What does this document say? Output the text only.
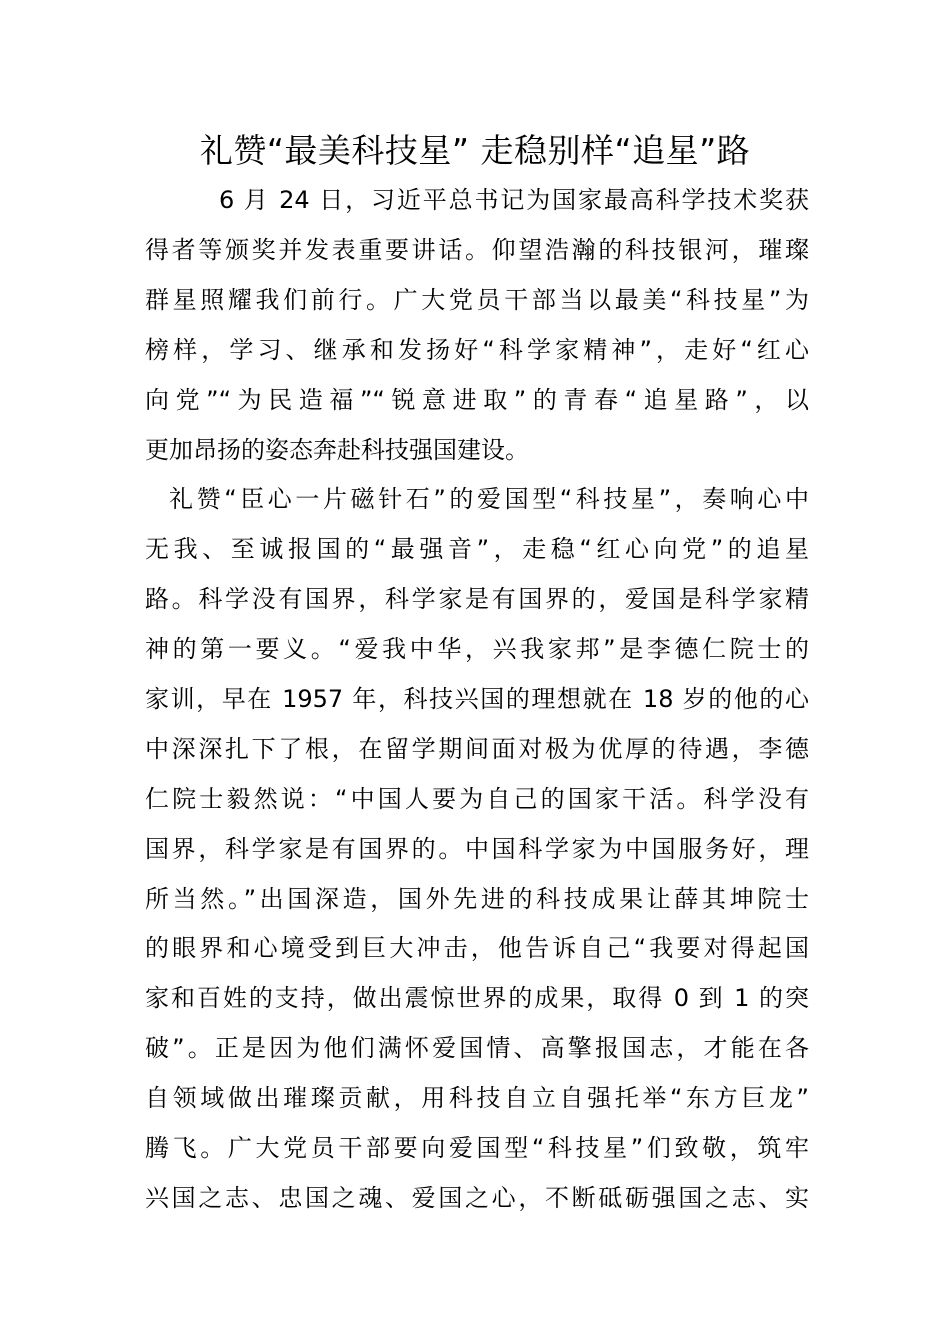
礼赞“最美科技星” 走稳别样“追星”路
6 月 24 日，习近平总书记为国家最高科学技术奖获
得者等颁奖并发表重要讲话。仰望浩瀚的科技银河，璀璨
群星照耀我们前行。广大党员干部当以最美“科技星”为
榜样，学习、继承和发扬好“科学家精神”，走好“红心
向党”“为民造福”“锐意进取”的青春“追星路”，以
更加昂扬的姿态奔赴科技强国建设。
礼赞“臣心一片磁针石”的爱国型“科技星”，奏响心中
无我、至诚报国的“最强音”，走稳“红心向党”的追星
路。科学没有国界，科学家是有国界的，爱国是科学家精
神的第一要义。“爱我中华，兴我家邦”是李德仁院士的
家训，早在 1957 年，科技兴国的理想就在 18 岁的他的心
中深深扎下了根，在留学期间面对极为优厚的待遇，李德
仁院士毅然说：“中国人要为自己的国家干活。科学没有
国界，科学家是有国界的。中国科学家为中国服务好，理
所当然。”出国深造，国外先进的科技成果让薛其坤院士
的眼界和心境受到巨大冲击，他告诉自己“我要对得起国
家和百姓的支持，做出震惊世界的成果，取得 0 到 1 的突
破”。正是因为他们满怀爱国情、高擎报国志，才能在各
自领域做出璀璨贡献，用科技自立自强托举“东方巨龙”
腾飞。广大党员干部要向爱国型“科技星”们致敬，筑牢
兴国之志、忠国之魂、爱国之心，不断砥砺强国之志、实
